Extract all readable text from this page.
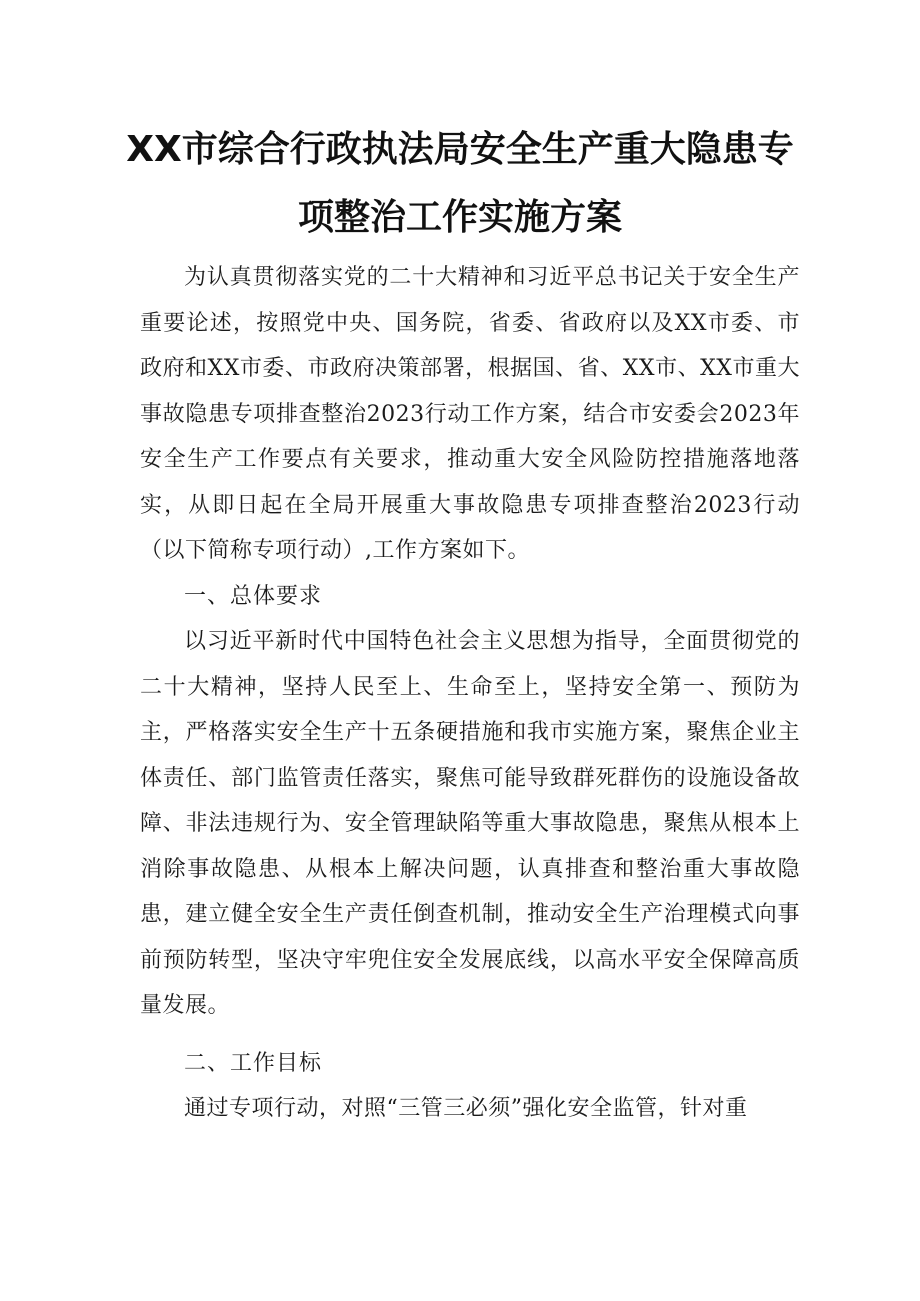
XX市综合行政执法局安全生产重大隐患专
项整治工作实施方案

为认真贯彻落实党的二十大精神和习近平总书记关于安全生产重要论述，按照党中央、国务院，省委、省政府以及XX市委、市政府和XX市委、市政府决策部署，根据国、省、XX市、XX市重大事故隐患专项排查整治2023行动工作方案，结合市安委会2023年安全生产工作要点有关要求，推动重大安全风险防控措施落地落实，从即日起在全局开展重大事故隐患专项排查整治2023行动（以下简称专项行动）,工作方案如下。

一、总体要求

以习近平新时代中国特色社会主义思想为指导，全面贯彻党的二十大精神，坚持人民至上、生命至上，坚持安全第一、预防为主，严格落实安全生产十五条硬措施和我市实施方案，聚焦企业主体责任、部门监管责任落实，聚焦可能导致群死群伤的设施设备故障、非法违规行为、安全管理缺陷等重大事故隐患，聚焦从根本上消除事故隐患、从根本上解决问题，认真排查和整治重大事故隐患，建立健全安全生产责任倒查机制，推动安全生产治理模式向事前预防转型，坚决守牢兜住安全发展底线，以高水平安全保障高质量发展。

二、工作目标

通过专项行动，对照“三管三必须”强化安全监管，针对重
